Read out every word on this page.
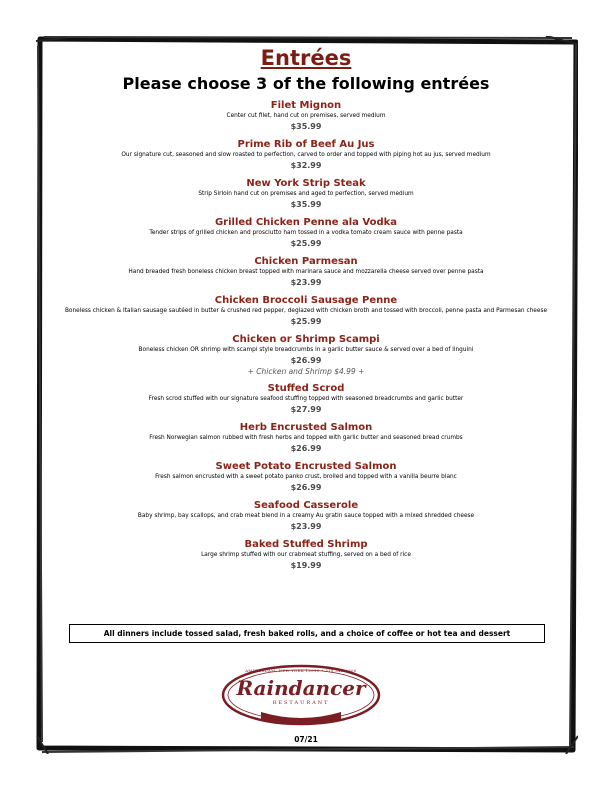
Entrées
Please choose 3 of the following entrées
Filet Mignon
Center cut filet, hand cut on premises, served medium
$35.99
Prime Rib of Beef Au Jus
Our signature cut, seasoned and slow roasted to perfection, carved to order and topped with piping hot au jus, served medium
$32.99
New York Strip Steak
Strip Sirloin hand cut on premises and aged to perfection, served medium
$35.99
Grilled Chicken Penne ala Vodka
Tender strips of grilled chicken and prosciutto ham tossed in a vodka tomato cream sauce with penne pasta
$25.99
Chicken Parmesan
Hand breaded fresh boneless chicken breast topped with marinara sauce and mozzarella cheese served over penne pasta
$23.99
Chicken Broccoli Sausage Penne
Boneless chicken & Italian sausage sautéed in butter & crushed red pepper, deglazed with chicken broth and tossed with broccoli, penne pasta and Parmesan cheese
$25.99
Chicken or Shrimp Scampi
Boneless chicken OR shrimp with scampi style breadcrumbs in a garlic butter sauce & served over a bed of linguini
$26.99
+ Chicken and Shrimp $4.99 +
Stuffed Scrod
Fresh scrod stuffed with our signature seafood stuffing topped with seasoned breadcrumbs and garlic butter
$27.99
Herb Encrusted Salmon
Fresh Norwegian salmon rubbed with fresh herbs and topped with garlic butter and seasoned bread crumbs
$26.99
Sweet Potato Encrusted Salmon
Fresh salmon encrusted with a sweet potato panko crust, broiled and topped with a vanilla beurre blanc
$26.99
Seafood Casserole
Baby shrimp, bay scallops, and crab meat blend in a creamy Au gratin sauce topped with a mixed shredded cheese
$23.99
Baked Stuffed Shrimp
Large shrimp stuffed with our crabmeat stuffing, served on a bed of rice
$19.99
All dinners include tossed salad, fresh baked rolls, and a choice of coffee or hot tea and dessert
AMSTERDAM, NEW YORK 12010 • 518.842.2606
Raindancer
RESTAURANT
est. 1980
07/21
